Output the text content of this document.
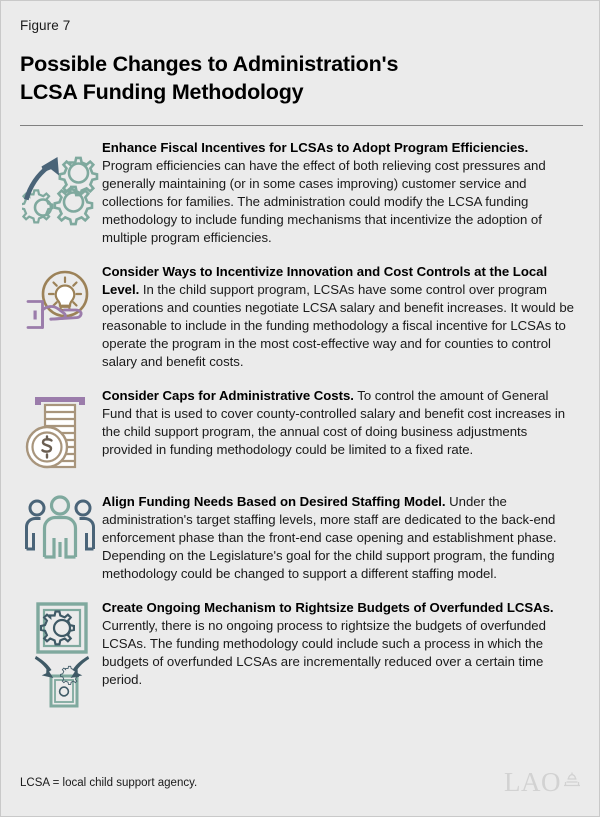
Figure 7
Possible Changes to Administration's
LCSA Funding Methodology
Enhance Fiscal Incentives for LCSAs to Adopt Program Efficiencies. Program efficiencies can have the effect of both relieving cost pressures and generally maintaining (or in some cases improving) customer service and collections for families. The administration could modify the LCSA funding methodology to include funding mechanisms that incentivize the adoption of multiple program efficiencies.
Consider Ways to Incentivize Innovation and Cost Controls at the Local Level. In the child support program, LCSAs have some control over program operations and counties negotiate LCSA salary and benefit increases. It would be reasonable to include in the funding methodology a fiscal incentive for LCSAs to operate the program in the most cost-effective way and for counties to control salary and benefit costs.
Consider Caps for Administrative Costs. To control the amount of General Fund that is used to cover county-controlled salary and benefit cost increases in the child support program, the annual cost of doing business adjustments provided in funding methodology could be limited to a fixed rate.
Align Funding Needs Based on Desired Staffing Model. Under the administration's target staffing levels, more staff are dedicated to the back-end enforcement phase than the front-end case opening and establishment phase. Depending on the Legislature's goal for the child support program, the funding methodology could be changed to support a different staffing model.
Create Ongoing Mechanism to Rightsize Budgets of Overfunded LCSAs. Currently, there is no ongoing process to rightsize the budgets of overfunded LCSAs. The funding methodology could include such a process in which the budgets of overfunded LCSAs are incrementally reduced over a certain time period.
LCSA = local child support agency.	LAO
